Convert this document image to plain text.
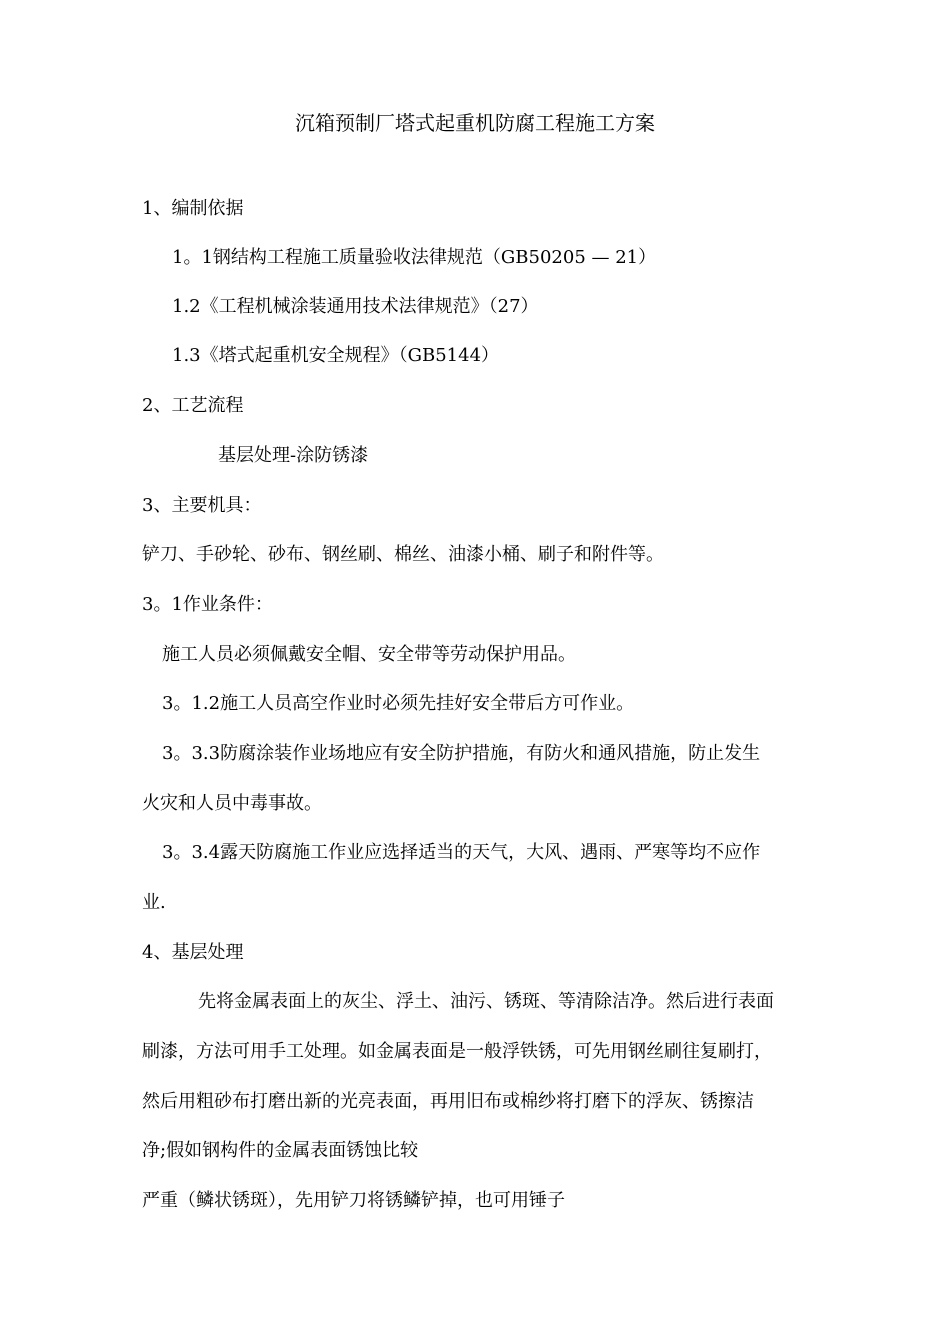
沉箱预制厂塔式起重机防腐工程施工方案
1、编制依据
1。1钢结构工程施工质量验收法律规范（GB50205 — 21）
1.2《工程机械涂装通用技术法律规范》（27）
1.3《塔式起重机安全规程》（GB5144）
2、工艺流程
基层处理-涂防锈漆
3、主要机具：
铲刀、手砂轮、砂布、钢丝刷、棉丝、油漆小桶、刷子和附件等。
3。1作业条件：
施工人员必须佩戴安全帽、安全带等劳动保护用品。
3。1.2施工人员高空作业时必须先挂好安全带后方可作业。
3。3.3防腐涂装作业场地应有安全防护措施，有防火和通风措施，防止发生
火灾和人员中毒事故。
3。3.4露天防腐施工作业应选择适当的天气，大风、遇雨、严寒等均不应作
业.
4、基层处理
先将金属表面上的灰尘、浮土、油污、锈斑、等清除洁净。然后进行表面
刷漆，方法可用手工处理。如金属表面是一般浮铁锈，可先用钢丝刷往复刷打，
然后用粗砂布打磨出新的光亮表面，再用旧布或棉纱将打磨下的浮灰、锈擦洁
净;假如钢构件的金属表面锈蚀比较
严重（鳞状锈斑），先用铲刀将锈鳞铲掉，也可用锤子
